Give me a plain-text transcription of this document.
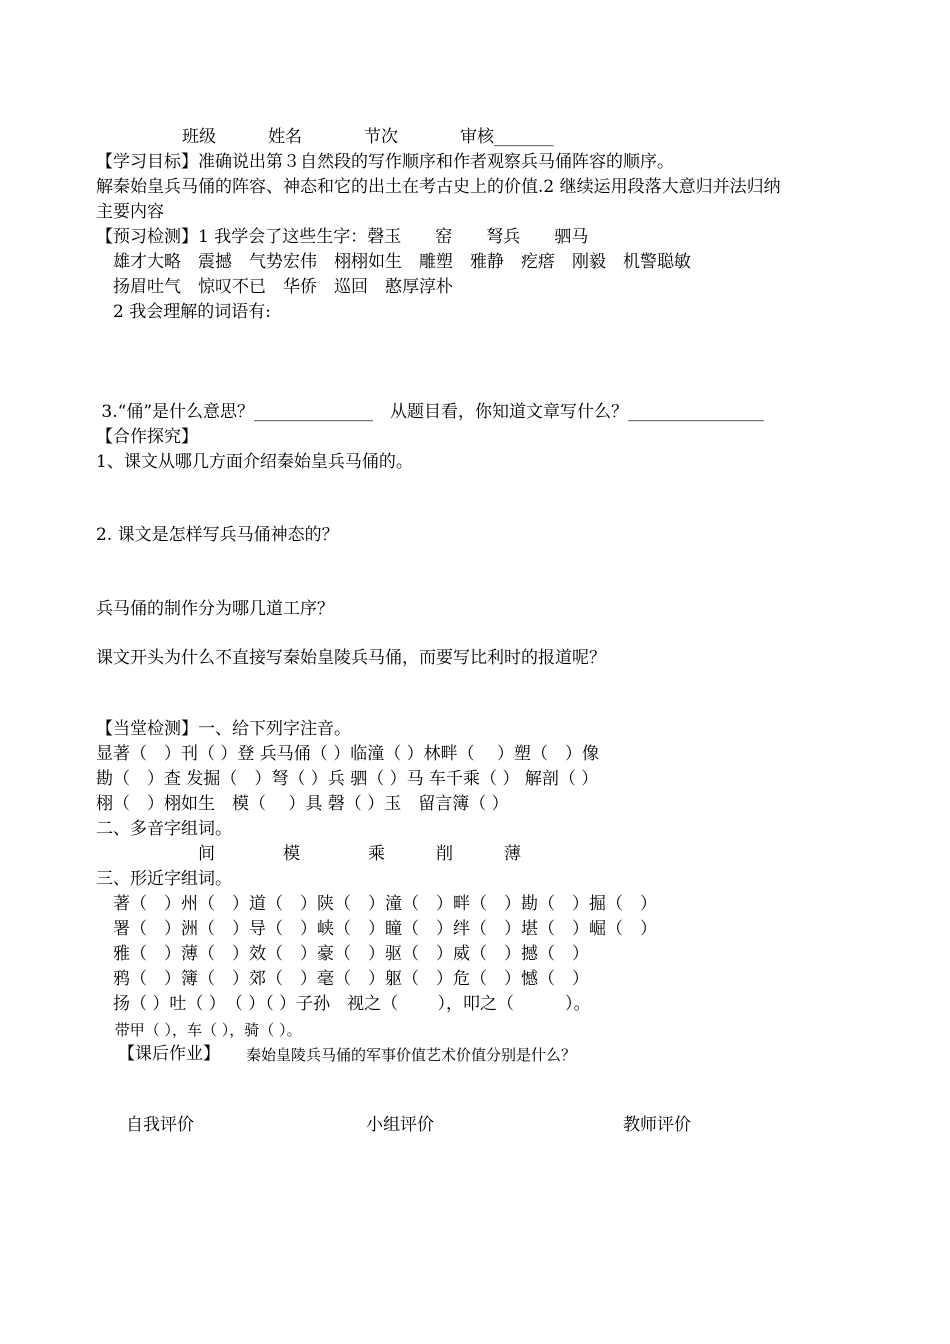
班级	姓名	节次	审核_______
【学习目标】准确说出第３自然段的写作顺序和作者观察兵马俑阵容的顺序。
解秦始皇兵马俑的阵容、神态和它的出土在考古史上的价值.2 继续运用段落大意归并法归纳
主要内容
【预习检测】1 我学会了这些生字：磬玉　　窑　　弩兵　　驷马
　雄才大略　震撼　气势宏伟　栩栩如生　雕塑　雅静　疙瘩　刚毅　机警聪敏
　扬眉吐气　惊叹不已　华侨　巡回　憨厚淳朴
　2 我会理解的词语有:
3.“俑”是什么意思？______________　从题目看，你知道文章写什么？________________
【合作探究】
1、课文从哪几方面介绍秦始皇兵马俑的。
2. 课文是怎样写兵马俑神态的？
兵马俑的制作分为哪几道工序？
课文开头为什么不直接写秦始皇陵兵马俑，而要写比利时的报道呢？
【当堂检测】一、给下列字注音。
显著（　）刊（ ）登 兵马俑（ ）临潼（ ）林畔（　 ）塑（　）像
勘（　）查 发掘（　）弩（ ）兵 驷（ ）马 车千乘（ ） 解剖（ ）
栩（　）栩如生　模（　 ）具 磬（ ）玉　留言簿（ ）
二、多音字组词。
　　　　　　间　　　　模　　　　乘　　　削　　　薄
三、形近字组词。
　著（　）州（　）道（　）陕（　）潼（　）畔（　）勘（　）掘（　）
　署（　）洲（　）导（　）峡（　）瞳（　）绊（　）堪（　）崛（　）
　雅（　）薄（　）效（　）豪（　）驱（　）威（　）撼（　）
　鸦（　）簿（　）郊（　）毫（　）躯（　）危（　）憾（　）
　扬（ ）吐（ ）　（ ）（ ）子孙　视之（　　 ），叩之（　　　）。
带甲（ ），车（ ），骑（ ）。
【课后作业】 秦始皇陵兵马俑的军事价值艺术价值分别是什么？
自我评价	小组评价	教师评价
